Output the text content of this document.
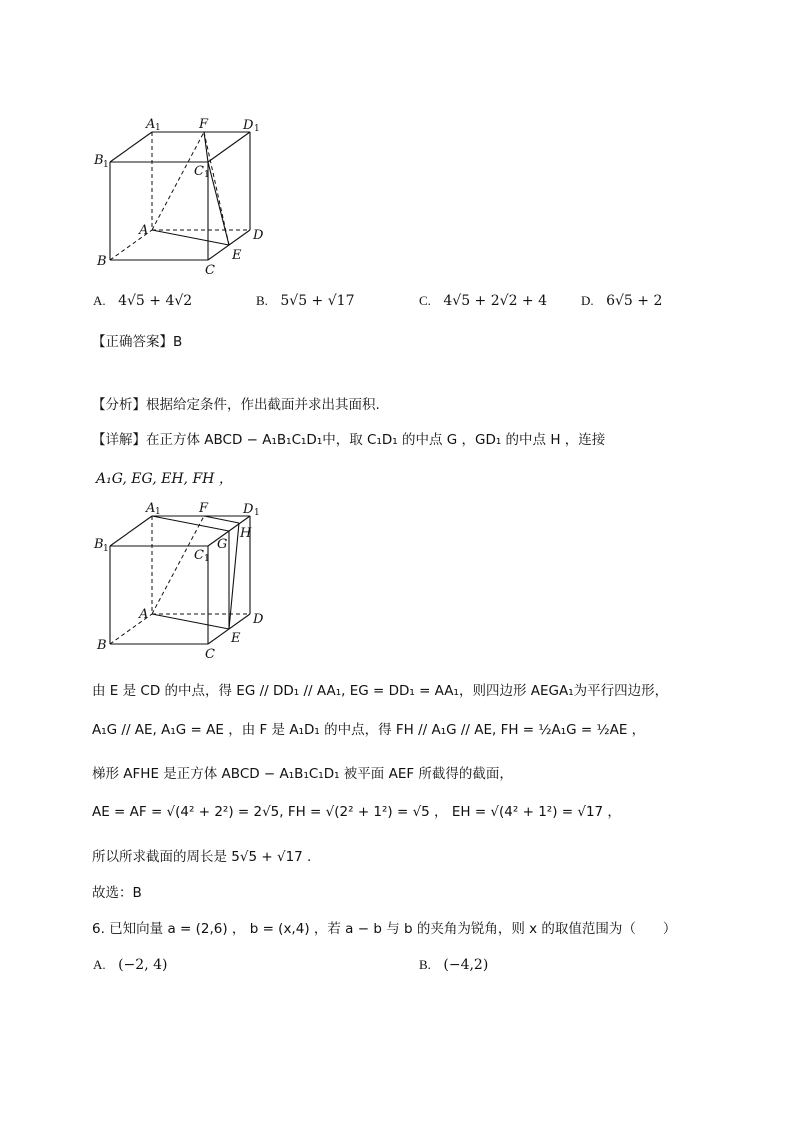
A 1	F	D 1
B 1	C 1
A	D
B	E
C
A. 4√5 + 4√2	B. 5√5 + √17	C. 4√5 + 2√2 + 4	D. 6√5 + 2
【正确答案】B
【分析】根据给定条件，作出截面并求出其面积.
【详解】在正方体 ABCD − A₁B₁C₁D₁中，取 C₁D₁ 的中点 G ，GD₁ 的中点 H ，连接
A₁G, EG, EH, FH ，
A 1	F	D 1
H
G
B 1	C 1
A	D
B	E
C
由 E 是 CD 的中点，得 EG // DD₁ // AA₁, EG = DD₁ = AA₁，则四边形 AEGA₁为平行四边形，
A₁G // AE, A₁G = AE ，由 F 是 A₁D₁ 的中点，得 FH // A₁G // AE, FH = ½A₁G = ½AE ，
梯形 AFHE 是正方体 ABCD − A₁B₁C₁D₁ 被平面 AEF 所截得的截面，
AE = AF = √(4² + 2²) = 2√5, FH = √(2² + 1²) = √5 ， EH = √(4² + 1²) = √17 ，
所以所求截面的周长是 5√5 + √17 .
故选：B
6. 已知向量 a = (2,6) ， b = (x,4) ，若 a − b 与 b 的夹角为锐角，则 x 的取值范围为（　　）
A. (−2, 4)	B. (−4,2)
